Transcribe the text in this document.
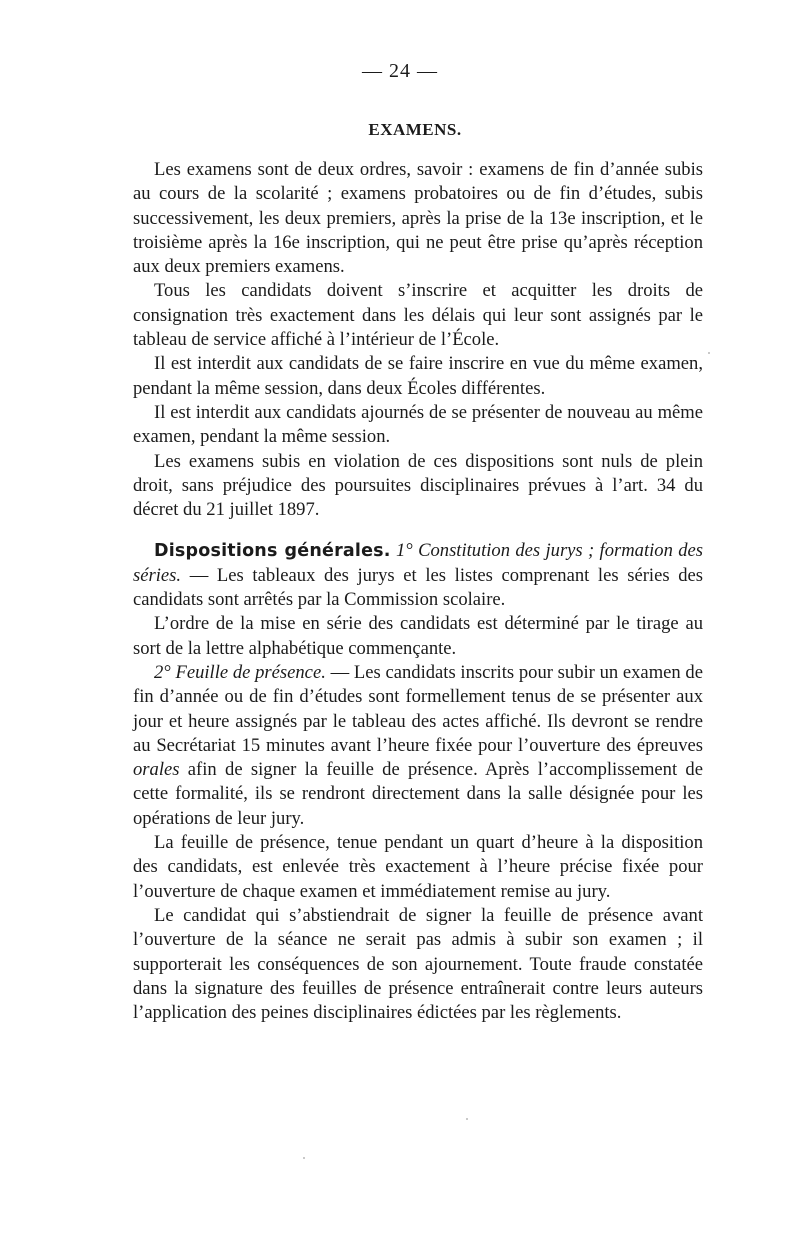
— 24 —
EXAMENS.

Les examens sont de deux ordres, savoir : examens de fin d’année subis au cours de la scolarité ; examens probatoires ou de fin d’études, subis successivement, les deux premiers, après la prise de la 13e inscription, et le troisième après la 16e inscription, qui ne peut être prise qu’après réception aux deux premiers examens.

Tous les candidats doivent s’inscrire et acquitter les droits de consignation très exactement dans les délais qui leur sont assignés par le tableau de service affiché à l’intérieur de l’École.

Il est interdit aux candidats de se faire inscrire en vue du même examen, pendant la même session, dans deux Écoles différentes.

Il est interdit aux candidats ajournés de se présenter de nouveau au même examen, pendant la même session.

Les examens subis en violation de ces dispositions sont nuls de plein droit, sans préjudice des poursuites disciplinaires prévues à l’art. 34 du décret du 21 juillet 1897.

Dispositions générales. 1° Constitution des jurys ; formation des séries. — Les tableaux des jurys et les listes comprenant les séries des candidats sont arrêtés par la Commission scolaire.

L’ordre de la mise en série des candidats est déterminé par le tirage au sort de la lettre alphabétique commençante.

2° Feuille de présence. — Les candidats inscrits pour subir un examen de fin d’année ou de fin d’études sont formellement tenus de se présenter aux jour et heure assignés par le tableau des actes affiché. Ils devront se rendre au Secrétariat 15 minutes avant l’heure fixée pour l’ouverture des épreuves orales afin de signer la feuille de présence. Après l’accomplissement de cette formalité, ils se rendront directement dans la salle désignée pour les opérations de leur jury.

La feuille de présence, tenue pendant un quart d’heure à la disposition des candidats, est enlevée très exactement à l’heure précise fixée pour l’ouverture de chaque examen et immédiatement remise au jury.

Le candidat qui s’abstiendrait de signer la feuille de présence avant l’ouverture de la séance ne serait pas admis à subir son examen ; il supporterait les conséquences de son ajournement. Toute fraude constatée dans la signature des feuilles de présence entraînerait contre leurs auteurs l’application des peines disciplinaires édictées par les règlements.
